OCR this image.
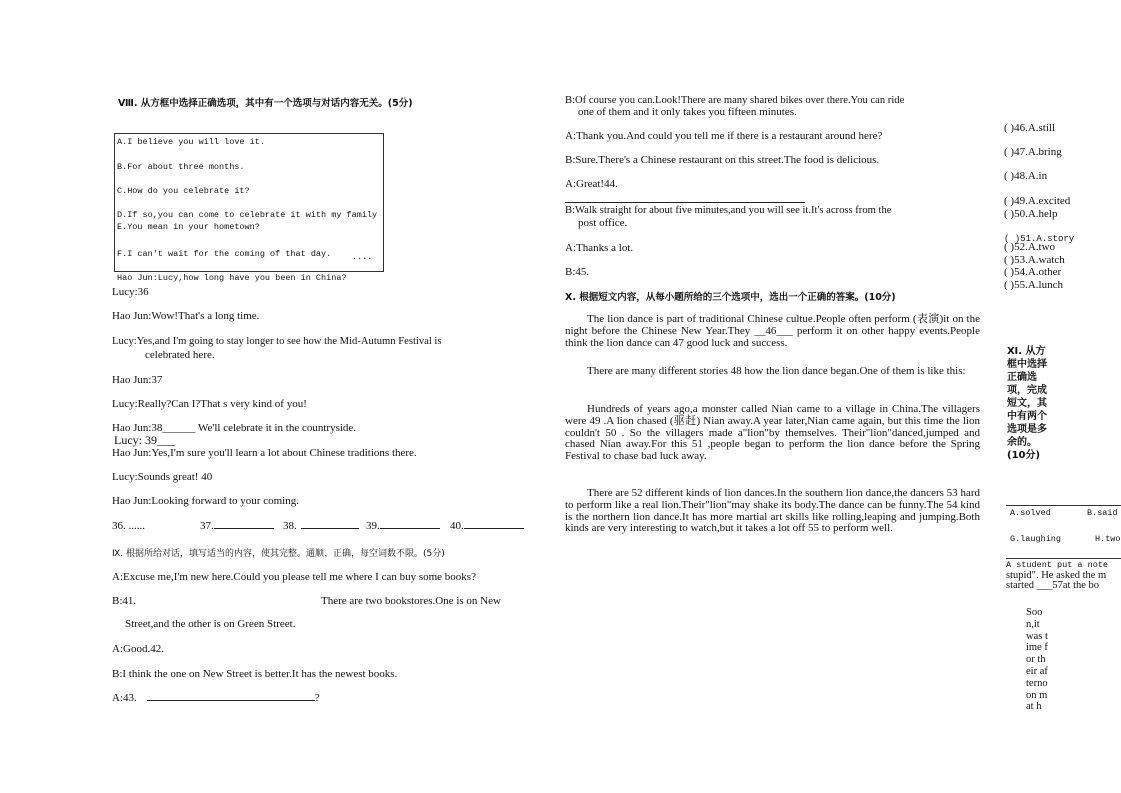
Ⅷ. 从方框中选择正确选项，其中有一个选项与对话内容无关。(5分)
A.I believe you will love it.
B.For about three months.
C.How do you celebrate it?
D.If so,you can come to celebrate it with my family
E.You mean in your hometown?
F.I can't wait for the coming of that day. ....
Hao Jun:Lucy,how long have you been in China?
Lucy:36
Hao Jun:Wow!That's a long time.
Lucy:Yes,and I'm going to stay longer to see how the Mid-Autumn Festival is
celebrated here.
Hao Jun:37
Lucy:Really?Can I?That s very kind of you!
Hao Jun:38______ We'll celebrate it in the countryside.
Lucy: 39___
Hao Jun:Yes,I'm sure you'll learn a lot about Chinese traditions there.
Lucy:Sounds great! 40
Hao Jun:Looking forward to your coming.
36. ......	37.	38.	39.	40.
Ⅸ. 根据所给对话，填写适当的内容，使其完整。通顺、正确，每空词数不限。(5分)
A:Excuse me,I'm new here.Could you please tell me where I can buy some books?
B:41.	There are two bookstores.One is on New
Street,and the other is on Green Street.
A:Good.42.
B:I think the one on New Street is better.It has the newest books.
A:43.	?
B:Of course you can.Look!There are many shared bikes over there.You can ride
one of them and it only takes you fifteen minutes.
A:Thank you.And could you tell me if there is a restaurant around here?
B:Sure.There's a Chinese restaurant on this street.The food is delicious.
A:Great!44.
B:Walk straight for about five minutes,and you will see it.It's across from the
post office.
A:Thanks a lot.
B:45.
Ⅹ. 根据短文内容，从每小题所给的三个选项中，选出一个正确的答案。(10分)
The lion dance is part of traditional Chinese cultue.People often perform (表演)it on the night before the Chinese New Year.They __46___ perform it on other happy events.People think the lion dance can 47 good luck and success.
There are many different stories 48 how the lion dance began.One of them is like this:
Hundreds of years ago,a monster called Nian came to a village in China.The villagers were 49 .A lion chased (驱赶) Nian away.A year later,Nian came again, but this time the lion couldn't 50 . So the villagers made a"lion"by themselves. Their"lion"danced,jumped and chased Nian away.For this 51 ,people began to perform the lion dance before the Spring Festival to chase bad luck away.
There are 52 different kinds of lion dances.In the southern lion dance,the dancers 53 hard to perform like a real lion.Their"lion"may shake its body.The dance can be funny.The 54 kind is the northern lion dance.It has more martial art skills like rolling,leaping and jumping.Both kinds are very interesting to watch,but it takes a lot off 55 to perform well.
( )46.A.still
( )47.A.bring
( )48.A.in
( )49.A.excited
( )50.A.help
( )51.A.story
( )52.A.two
( )53.A.watch
( )54.A.other
( )55.A.lunch
Ⅺ. 从方框中选择正确选项，完成短文，其中有两个选项是多余的。(10分)
A.solved	B.said
G.laughing	H.two
A student put a note
stupid". He asked the m
started ___57at the bo
Soon,it was time for their afternoon mat h
